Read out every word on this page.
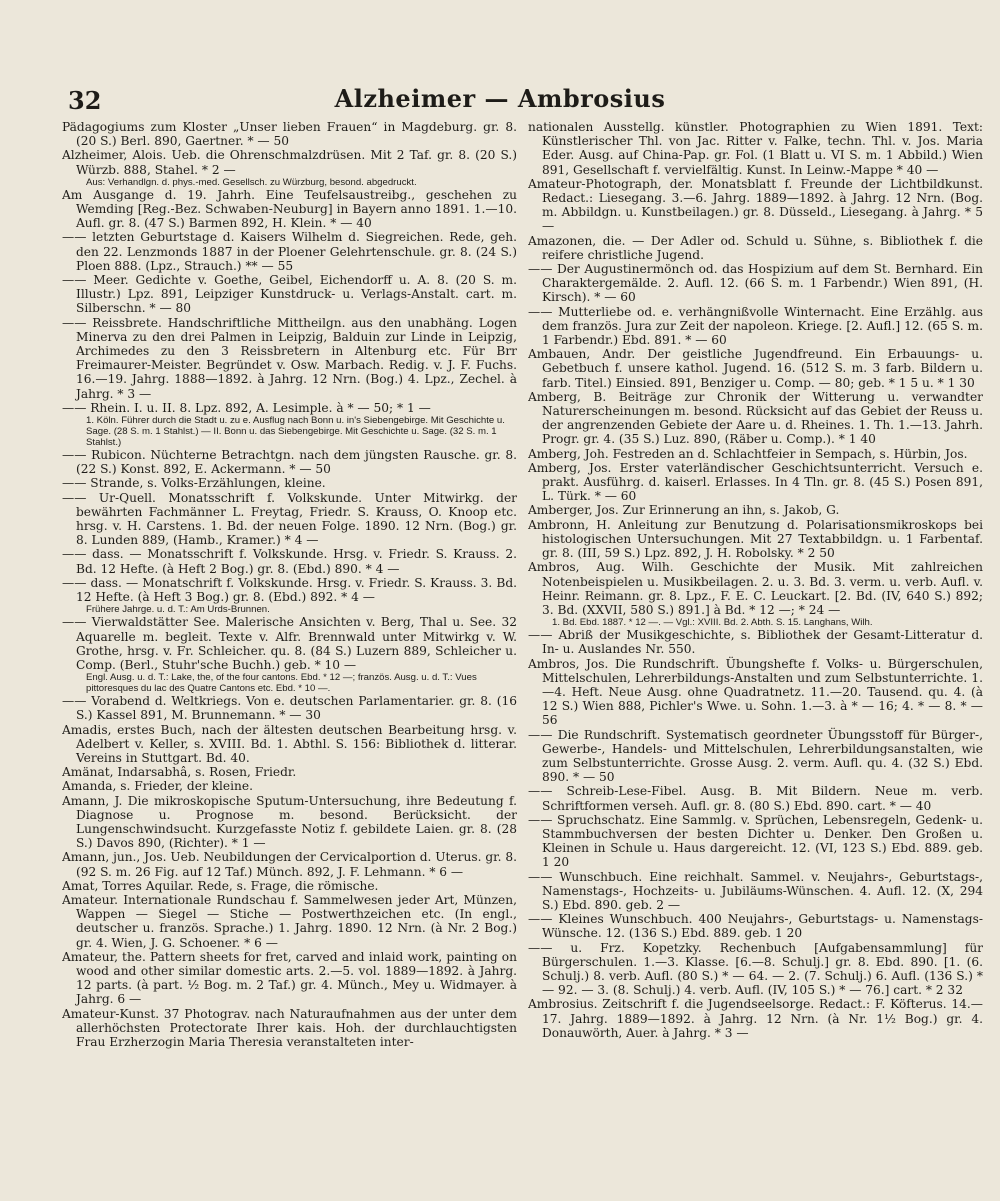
32	Alzheimer — Ambrosius

Pädagogiums zum Kloster „Unser lieben Frauen“ in Magdeburg. gr. 8. (20 S.) Berl. 890, Gaertner. * — 50

Alzheimer, Alois. Ueb. die Ohrenschmalzdrüsen. Mit 2 Taf. gr. 8. (20 S.) Würzb. 888, Stahel. * 2 —

Aus: Verhandlgn. d. phys.-med. Gesellsch. zu Würzburg, besond. abgedruckt.

Am Ausgange d. 19. Jahrh. Eine Teufelsaustreibg., geschehen zu Wemding [Reg.-Bez. Schwaben-Neuburg] in Bayern anno 1891. 1.—10. Aufl. gr. 8. (47 S.) Barmen 892, H. Klein. * — 40

—— letzten Geburtstage d. Kaisers Wilhelm d. Siegreichen. Rede, geh. den 22. Lenzmonds 1887 in der Ploener Gelehrtenschule. gr. 8. (24 S.) Ploen 888. (Lpz., Strauch.) ** — 55

—— Meer. Gedichte v. Goethe, Geibel, Eichendorff u. A. 8. (20 S. m. Illustr.) Lpz. 891, Leipziger Kunstdruck- u. Verlags-Anstalt. cart. m. Silberschn. * — 80

—— Reissbrete. Handschriftliche Mittheilgn. aus den unabhäng. Logen Minerva zu den drei Palmen in Leipzig, Balduin zur Linde in Leipzig, Archimedes zu den 3 Reissbretern in Altenburg etc. Für Brr Freimaurer-Meister. Begründet v. Osw. Marbach. Redig. v. J. F. Fuchs. 16.—19. Jahrg. 1888—1892. à Jahrg. 12 Nrn. (Bog.) 4. Lpz., Zechel. à Jahrg. * 3 —

—— Rhein. I. u. II. 8. Lpz. 892, A. Lesimple. à * — 50; * 1 —

1. Köln. Führer durch die Stadt u. zu e. Ausflug nach Bonn u. in's Siebengebirge. Mit Geschichte u. Sage. (28 S. m. 1 Stahlst.) — II. Bonn u. das Siebengebirge. Mit Geschichte u. Sage. (32 S. m. 1 Stahlst.)

—— Rubicon. Nüchterne Betrachtgn. nach dem jüngsten Rausche. gr. 8. (22 S.) Konst. 892, E. Ackermann. * — 50

—— Strande, s. Volks-Erzählungen, kleine.

—— Ur-Quell. Monatsschrift f. Volkskunde. Unter Mitwirkg. der bewährten Fachmänner L. Freytag, Friedr. S. Krauss, O. Knoop etc. hrsg. v. H. Carstens. 1. Bd. der neuen Folge. 1890. 12 Nrn. (Bog.) gr. 8. Lunden 889, (Hamb., Kramer.) * 4 —

—— dass. — Monatsschrift f. Volkskunde. Hrsg. v. Friedr. S. Krauss. 2. Bd. 12 Hefte. (à Heft 2 Bog.) gr. 8. (Ebd.) 890. * 4 —

—— dass. — Monatschrift f. Volkskunde. Hrsg. v. Friedr. S. Krauss. 3. Bd. 12 Hefte. (à Heft 3 Bog.) gr. 8. (Ebd.) 892. * 4 —

Frühere Jahrge. u. d. T.: Am Urds-Brunnen.

—— Vierwaldstätter See. Malerische Ansichten v. Berg, Thal u. See. 32 Aquarelle m. begleit. Texte v. Alfr. Brennwald unter Mitwirkg v. W. Grothe, hrsg. v. Fr. Schleicher. qu. 8. (84 S.) Luzern 889, Schleicher u. Comp. (Berl., Stuhr'sche Buchh.) geb. * 10 —

Engl. Ausg. u. d. T.: Lake, the, of the four cantons. Ebd. * 12 —; französ. Ausg. u. d. T.: Vues pittoresques du lac des Quatre Cantons etc. Ebd. * 10 —.

—— Vorabend d. Weltkriegs. Von e. deutschen Parlamentarier. gr. 8. (16 S.) Kassel 891, M. Brunnemann. * — 30

Amadis, erstes Buch, nach der ältesten deutschen Bearbeitung hrsg. v. Adelbert v. Keller, s. XVIII. Bd. 1. Abthl. S. 156: Bibliothek d. litterar. Vereins in Stuttgart. Bd. 40.

Amänat, Indarsabhâ, s. Rosen, Friedr.

Amanda, s. Frieder, der kleine.

Amann, J. Die mikroskopische Sputum-Untersuchung, ihre Bedeutung f. Diagnose u. Prognose m. besond. Berücksicht. der Lungenschwindsucht. Kurzgefasste Notiz f. gebildete Laien. gr. 8. (28 S.) Davos 890, (Richter). * 1 —

Amann, jun., Jos. Ueb. Neubildungen der Cervicalportion d. Uterus. gr. 8. (92 S. m. 26 Fig. auf 12 Taf.) Münch. 892, J. F. Lehmann. * 6 —

Amat, Torres Aquilar. Rede, s. Frage, die römische.

Amateur. Internationale Rundschau f. Sammelwesen jeder Art, Münzen, Wappen — Siegel — Stiche — Postwerthzeichen etc. (In engl., deutscher u. französ. Sprache.) 1. Jahrg. 1890. 12 Nrn. (à Nr. 2 Bog.) gr. 4. Wien, J. G. Schoener. * 6 —

Amateur, the. Pattern sheets for fret, carved and inlaid work, painting on wood and other similar domestic arts. 2.—5. vol. 1889—1892. à Jahrg. 12 parts. (à part. ½ Bog. m. 2 Taf.) gr. 4. Münch., Mey u. Widmayer. à Jahrg. 6 —

Amateur-Kunst. 37 Photograv. nach Naturaufnahmen aus der unter dem allerhöchsten Protectorate Ihrer kais. Hoh. der durchlauchtigsten Frau Erzherzogin Maria Theresia veranstalteten inter-

nationalen Ausstellg. künstler. Photographien zu Wien 1891. Text: Künstlerischer Thl. von Jac. Ritter v. Falke, techn. Thl. v. Jos. Maria Eder. Ausg. auf China-Pap. gr. Fol. (1 Blatt u. VI S. m. 1 Abbild.) Wien 891, Gesellschaft f. vervielfältig. Kunst. In Leinw.-Mappe * 40 —

Amateur-Photograph, der. Monatsblatt f. Freunde der Lichtbildkunst. Redact.: Liesegang. 3.—6. Jahrg. 1889—1892. à Jahrg. 12 Nrn. (Bog. m. Abbildgn. u. Kunstbeilagen.) gr. 8. Düsseld., Liesegang. à Jahrg. * 5 —

Amazonen, die. — Der Adler od. Schuld u. Sühne, s. Bibliothek f. die reifere christliche Jugend.

—— Der Augustinermönch od. das Hospizium auf dem St. Bernhard. Ein Charaktergemälde. 2. Aufl. 12. (66 S. m. 1 Farbendr.) Wien 891, (H. Kirsch). * — 60

—— Mutterliebe od. e. verhängnißvolle Winternacht. Eine Erzählg. aus dem französ. Jura zur Zeit der napoleon. Kriege. [2. Aufl.] 12. (65 S. m. 1 Farbendr.) Ebd. 891. * — 60

Ambauen, Andr. Der geistliche Jugendfreund. Ein Erbauungs- u. Gebetbuch f. unsere kathol. Jugend. 16. (512 S. m. 3 farb. Bildern u. farb. Titel.) Einsied. 891, Benziger u. Comp. — 80; geb. * 1 5 u. * 1 30

Amberg, B. Beiträge zur Chronik der Witterung u. verwandter Naturerscheinungen m. besond. Rücksicht auf das Gebiet der Reuss u. der angrenzenden Gebiete der Aare u. d. Rheines. 1. Th. 1.—13. Jahrh. Progr. gr. 4. (35 S.) Luz. 890, (Räber u. Comp.). * 1 40

Amberg, Joh. Festreden an d. Schlachtfeier in Sempach, s. Hürbin, Jos.

Amberg, Jos. Erster vaterländischer Geschichtsunterricht. Versuch e. prakt. Ausführg. d. kaiserl. Erlasses. In 4 Tln. gr. 8. (45 S.) Posen 891, L. Türk. * — 60

Amberger, Jos. Zur Erinnerung an ihn, s. Jakob, G.

Ambronn, H. Anleitung zur Benutzung d. Polarisationsmikroskops bei histologischen Untersuchungen. Mit 27 Textabbildgn. u. 1 Farbentaf. gr. 8. (III, 59 S.) Lpz. 892, J. H. Robolsky. * 2 50

Ambros, Aug. Wilh. Geschichte der Musik. Mit zahlreichen Notenbeispielen u. Musikbeilagen. 2. u. 3. Bd. 3. verm. u. verb. Aufl. v. Heinr. Reimann. gr. 8. Lpz., F. E. C. Leuckart. [2. Bd. (IV, 640 S.) 892; 3. Bd. (XXVII, 580 S.) 891.] à Bd. * 12 —; * 24 —

1. Bd. Ebd. 1887. * 12 —. — Vgl.: XVIII. Bd. 2. Abth. S. 15. Langhans, Wilh.

—— Abriß der Musikgeschichte, s. Bibliothek der Gesamt-Litteratur d. In- u. Auslandes Nr. 550.

Ambros, Jos. Die Rundschrift. Übungshefte f. Volks- u. Bürgerschulen, Mittelschulen, Lehrerbildungs-Anstalten und zum Selbstunterrichte. 1.—4. Heft. Neue Ausg. ohne Quadratnetz. 11.—20. Tausend. qu. 4. (à 12 S.) Wien 888, Pichler's Wwe. u. Sohn. 1.—3. à * — 16; 4. * — 8. * — 56

—— Die Rundschrift. Systematisch geordneter Übungsstoff für Bürger-, Gewerbe-, Handels- und Mittelschulen, Lehrerbildungsanstalten, wie zum Selbstunterrichte. Grosse Ausg. 2. verm. Aufl. qu. 4. (32 S.) Ebd. 890. * — 50

—— Schreib-Lese-Fibel. Ausg. B. Mit Bildern. Neue m. verb. Schriftformen verseh. Aufl. gr. 8. (80 S.) Ebd. 890. cart. * — 40

—— Spruchschatz. Eine Sammlg. v. Sprüchen, Lebensregeln, Gedenk- u. Stammbuchversen der besten Dichter u. Denker. Den Großen u. Kleinen in Schule u. Haus dargereicht. 12. (VI, 123 S.) Ebd. 889. geb. 1 20

—— Wunschbuch. Eine reichhalt. Sammel. v. Neujahrs-, Geburtstags-, Namenstags-, Hochzeits- u. Jubiläums-Wünschen. 4. Aufl. 12. (X, 294 S.) Ebd. 890. geb. 2 —

—— Kleines Wunschbuch. 400 Neujahrs-, Geburtstags- u. Namenstags-Wünsche. 12. (136 S.) Ebd. 889. geb. 1 20

—— u. Frz. Kopetzky. Rechenbuch [Aufgabensammlung] für Bürgerschulen. 1.—3. Klasse. [6.—8. Schulj.] gr. 8. Ebd. 890. [1. (6. Schulj.) 8. verb. Aufl. (80 S.) * — 64. — 2. (7. Schulj.) 6. Aufl. (136 S.) * — 92. — 3. (8. Schulj.) 4. verb. Aufl. (IV, 105 S.) * — 76.] cart. * 2 32

Ambrosius. Zeitschrift f. die Jugendseelsorge. Redact.: F. Köfterus. 14.—17. Jahrg. 1889—1892. à Jahrg. 12 Nrn. (à Nr. 1½ Bog.) gr. 4. Donauwörth, Auer. à Jahrg. * 3 —
